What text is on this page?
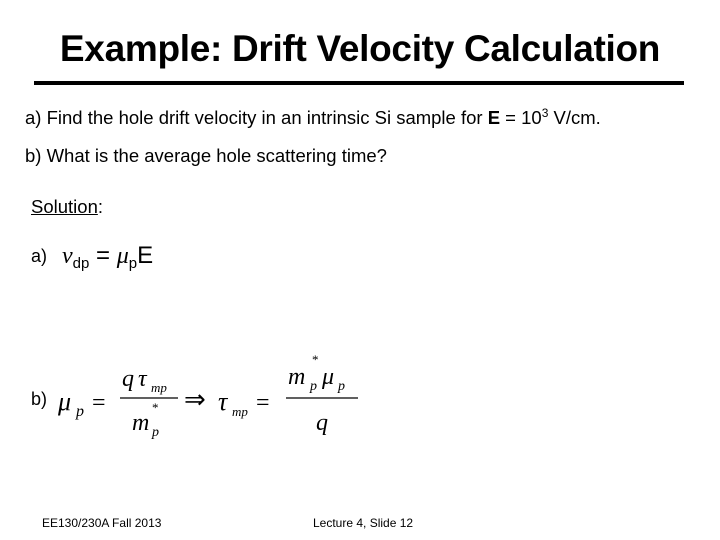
Example: Drift Velocity Calculation
a) Find the hole drift velocity in an intrinsic Si sample for $E = 10^3$ V/cm.
b) What is the average hole scattering time?
Solution:
a) $v_{dp} = \mu_pE$
b) μ p =
q τ mp
m
*
p
⇒ τ mp =
m
*
p μ p
q
EE130/230A Fall 2013	Lecture 4, Slide 12
